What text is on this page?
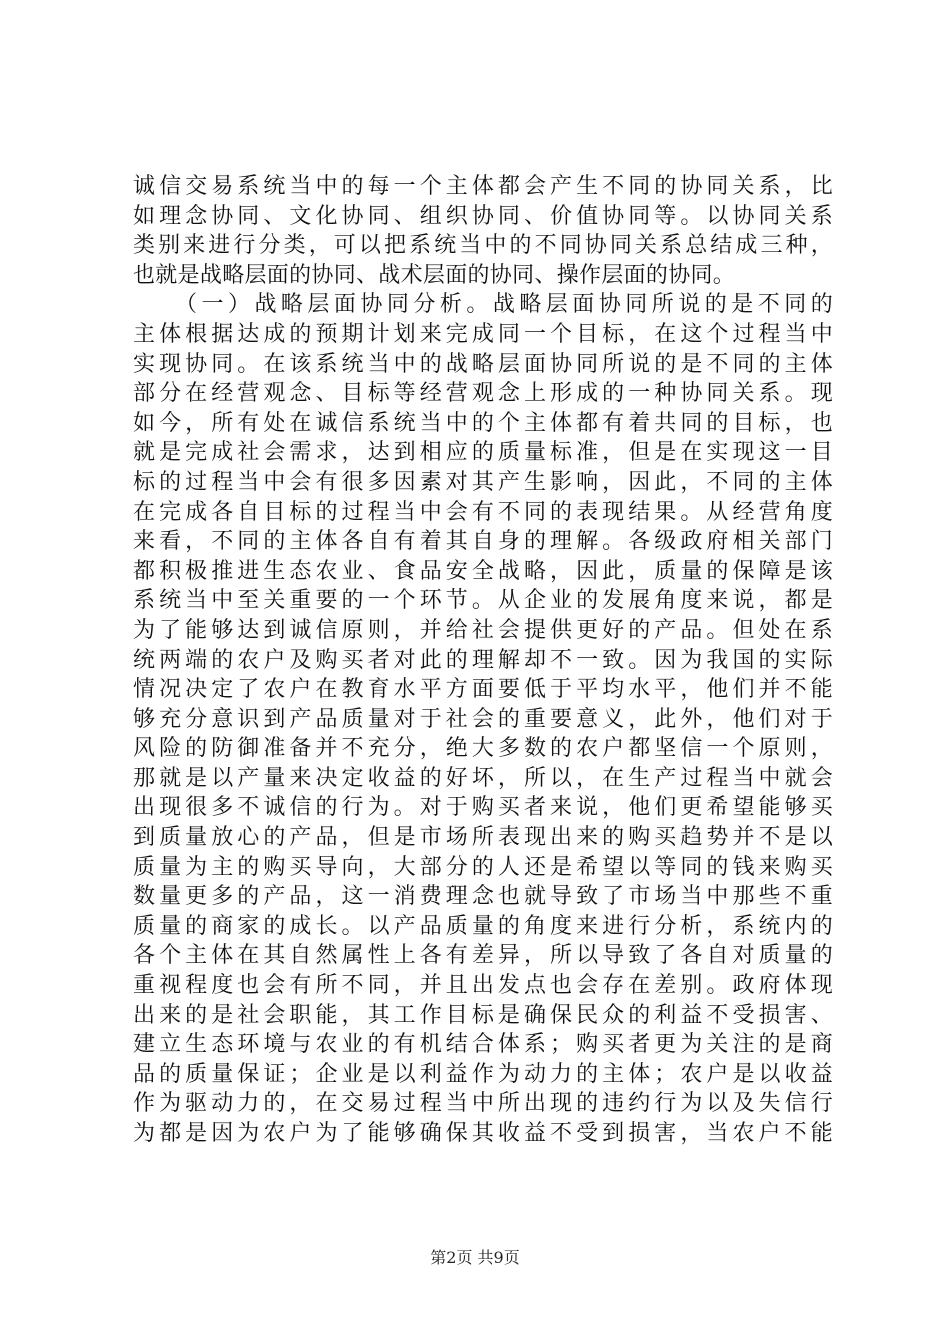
诚信交易系统当中的每一个主体都会产生不同的协同关系，比
如理念协同、文化协同、组织协同、价值协同等。以协同关系
类别来进行分类，可以把系统当中的不同协同关系总结成三种，
也就是战略层面的协同、战术层面的协同、操作层面的协同。
　　（一）战略层面协同分析。战略层面协同所说的是不同的
主体根据达成的预期计划来完成同一个目标，在这个过程当中
实现协同。在该系统当中的战略层面协同所说的是不同的主体
部分在经营观念、目标等经营观念上形成的一种协同关系。现
如今，所有处在诚信系统当中的个主体都有着共同的目标，也
就是完成社会需求，达到相应的质量标准，但是在实现这一目
标的过程当中会有很多因素对其产生影响，因此，不同的主体
在完成各自目标的过程当中会有不同的表现结果。从经营角度
来看，不同的主体各自有着其自身的理解。各级政府相关部门
都积极推进生态农业、食品安全战略，因此，质量的保障是该
系统当中至关重要的一个环节。从企业的发展角度来说，都是
为了能够达到诚信原则，并给社会提供更好的产品。但处在系
统两端的农户及购买者对此的理解却不一致。因为我国的实际
情况决定了农户在教育水平方面要低于平均水平，他们并不能
够充分意识到产品质量对于社会的重要意义，此外，他们对于
风险的防御准备并不充分，绝大多数的农户都坚信一个原则，
那就是以产量来决定收益的好坏，所以，在生产过程当中就会
出现很多不诚信的行为。对于购买者来说，他们更希望能够买
到质量放心的产品，但是市场所表现出来的购买趋势并不是以
质量为主的购买导向，大部分的人还是希望以等同的钱来购买
数量更多的产品，这一消费理念也就导致了市场当中那些不重
质量的商家的成长。以产品质量的角度来进行分析，系统内的
各个主体在其自然属性上各有差异，所以导致了各自对质量的
重视程度也会有所不同，并且出发点也会存在差别。政府体现
出来的是社会职能，其工作目标是确保民众的利益不受损害、
建立生态环境与农业的有机结合体系；购买者更为关注的是商
品的质量保证；企业是以利益作为动力的主体；农户是以收益
作为驱动力的，在交易过程当中所出现的违约行为以及失信行
为都是因为农户为了能够确保其收益不受到损害，当农户不能
第2页 共9页
